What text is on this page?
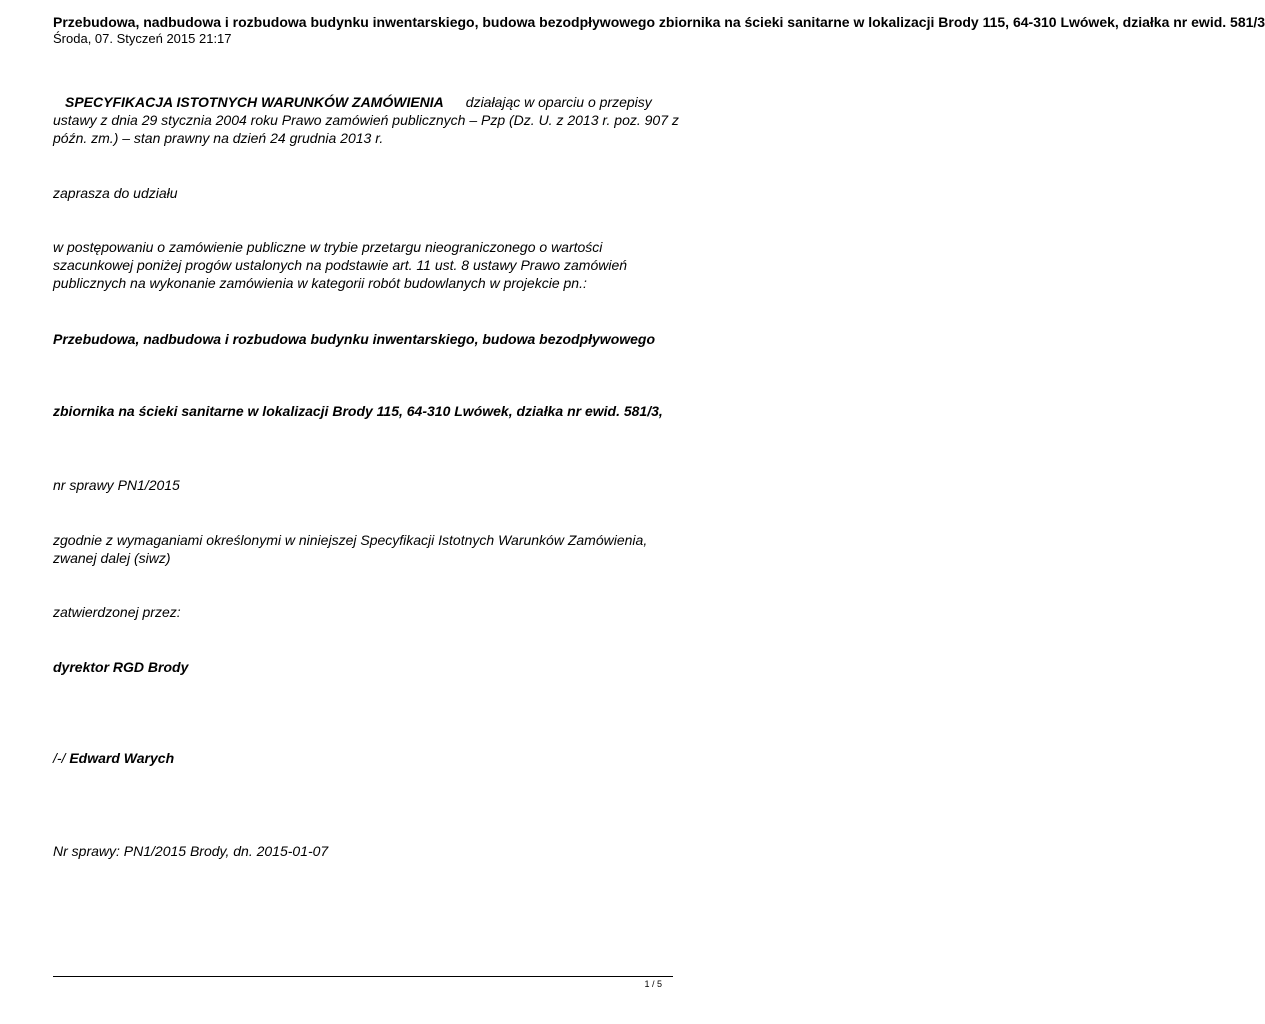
Przebudowa, nadbudowa i rozbudowa budynku inwentarskiego, budowa bezodpływowego zbiornika na ścieki sanitarne w lokalizacji Brody 115, 64-310 Lwówek, działka nr ewid. 581/3
Środa, 07. Styczeń 2015 21:17

SPECYFIKACJA ISTOTNYCH WARUNKÓW ZAMÓWIENIA działając w oparciu o przepisy ustawy z dnia 29 stycznia 2004 roku Prawo zamówień publicznych – Pzp (Dz. U. z 2013 r. poz. 907 z późn. zm.) – stan prawny na dzień 24 grudnia 2013 r.

zaprasza do udziału

w postępowaniu o zamówienie publiczne w trybie przetargu nieograniczonego o wartości szacunkowej poniżej progów ustalonych na podstawie art. 11 ust. 8 ustawy Prawo zamówień publicznych na wykonanie zamówienia w kategorii robót budowlanych w projekcie pn.:

Przebudowa, nadbudowa i rozbudowa budynku inwentarskiego, budowa bezodpływowego

zbiornika na ścieki sanitarne w lokalizacji Brody 115, 64-310 Lwówek, działka nr ewid. 581/3,

nr sprawy PN1/2015

zgodnie z wymaganiami określonymi w niniejszej Specyfikacji Istotnych Warunków Zamówienia, zwanej dalej (siwz)

zatwierdzonej przez:

dyrektor RGD Brody

/-/ Edward Warych

Nr sprawy: PN1/2015 Brody, dn. 2015-01-07

1 / 5
